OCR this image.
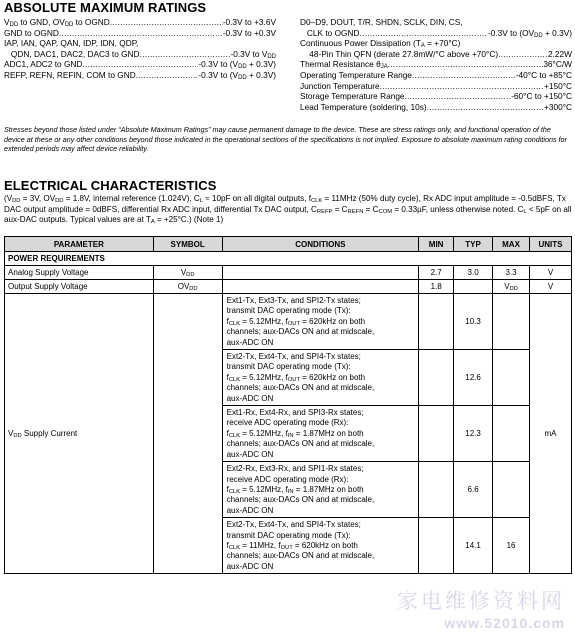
ABSOLUTE MAXIMUM RATINGS
$V_{DD}$ to GND, $OV_{DD}$ to OGND .....	-0.3V to +3.6V
GND to OGND .....	-0.3V to +0.3V
IAP, IAN, QAP, QAN, IDP, IDN, QDP,
QDN, DAC1, DAC2, DAC3 to GND .....	-0.3V to $V_{DD}$
ADC1, ADC2 to GND .....	-0.3V to $(V_{DD} + 0.3V)$
REFP, REFN, REFIN, COM to GND .....	-0.3V to $(V_{DD} + 0.3V)$
D0–D9, DOUT, $T/\overline{R}$, SHDN, SCLK, DIN, $\overline{CS}$,
CLK to OGND .....	-0.3V to $(OV_{DD} + 0.3V)$
Continuous Power Dissipation $(T_A = +70^\circ C)$
48-Pin Thin QFN (derate 27.8mW/°C above +70°C) .....	2.22W
Thermal Resistance $\theta_{JA}$ .....	36°C/W
Operating Temperature Range .....	-40°C to +85°C
Junction Temperature .....	+150°C
Storage Temperature Range .....	-60°C to +150°C
Lead Temperature (soldering, 10s) .....	+300°C
Stresses beyond those listed under “Absolute Maximum Ratings” may cause permanent damage to the device. These are stress ratings only, and functional operation of the device at these or any other conditions beyond those indicated in the operational sections of the specifications is not implied. Exposure to absolute maximum rating conditions for extended periods may affect device reliability.
ELECTRICAL CHARACTERISTICS
($V_{DD} = 3V$, $OV_{DD} = 1.8V$, internal reference (1.024V), $C_L \approx 10pF$ on all digital outputs, $f_{CLK} = 11MHz$ (50% duty cycle), Rx ADC input amplitude = -0.5dBFS, Tx DAC output amplitude = 0dBFS, differential Rx ADC input, differential Tx DAC output, $C_{REFP} = C_{REFN} = C_{COM} = 0.33\mu F$, unless otherwise noted. $C_L < 5pF$ on all aux-DAC outputs. Typical values are at $T_A = +25^\circ C$.) (Note 1)
PARAMETER	SYMBOL	CONDITIONS	MIN	TYP	MAX	UNITS
POWER REQUIREMENTS						
Analog Supply Voltage	$V_{DD}$		2.7	3.0	3.3	V
Output Supply Voltage	$OV_{DD}$		1.8		$V_{DD}$	V
$V_{DD}$ Supply Current		Ext1-Tx, Ext3-Tx, and SPI2-Tx states;
transmit DAC operating mode (Tx):
$f_{CLK} = 5.12MHz$, $f_{OUT} = 620kHz$ on both
channels; aux-DACs ON and at midscale,
aux-ADC ON		10.3		mA
		Ext2-Tx, Ext4-Tx, and SPI4-Tx states;
transmit DAC operating mode (Tx):
$f_{CLK} = 5.12MHz$, $f_{OUT} = 620kHz$ on both
channels; aux-DACs ON and at midscale,
aux-ADC ON		12.6		
		Ext1-Rx, Ext4-Rx, and SPI3-Rx states;
receive ADC operating mode (Rx):
$f_{CLK} = 5.12MHz$, $f_{IN} = 1.87MHz$ on both
channels; aux-DACs ON and at midscale,
aux-ADC ON		12.3		
		Ext2-Rx, Ext3-Rx, and SPI1-Rx states;
receive ADC operating mode (Rx):
$f_{CLK} = 5.12MHz$, $f_{IN} = 1.87MHz$ on both
channels; aux-DACs ON and at midscale,
aux-ADC ON		6.6		
		Ext2-Tx, Ext4-Tx, and SPI4-Tx states;
transmit DAC operating mode (Tx):
$f_{CLK} = 11MHz$, $f_{OUT} = 620kHz$ on both
channels; aux-DACs ON and at midscale,
aux-ADC ON		14.1	16	
家电维修资料网
www.52010.com
